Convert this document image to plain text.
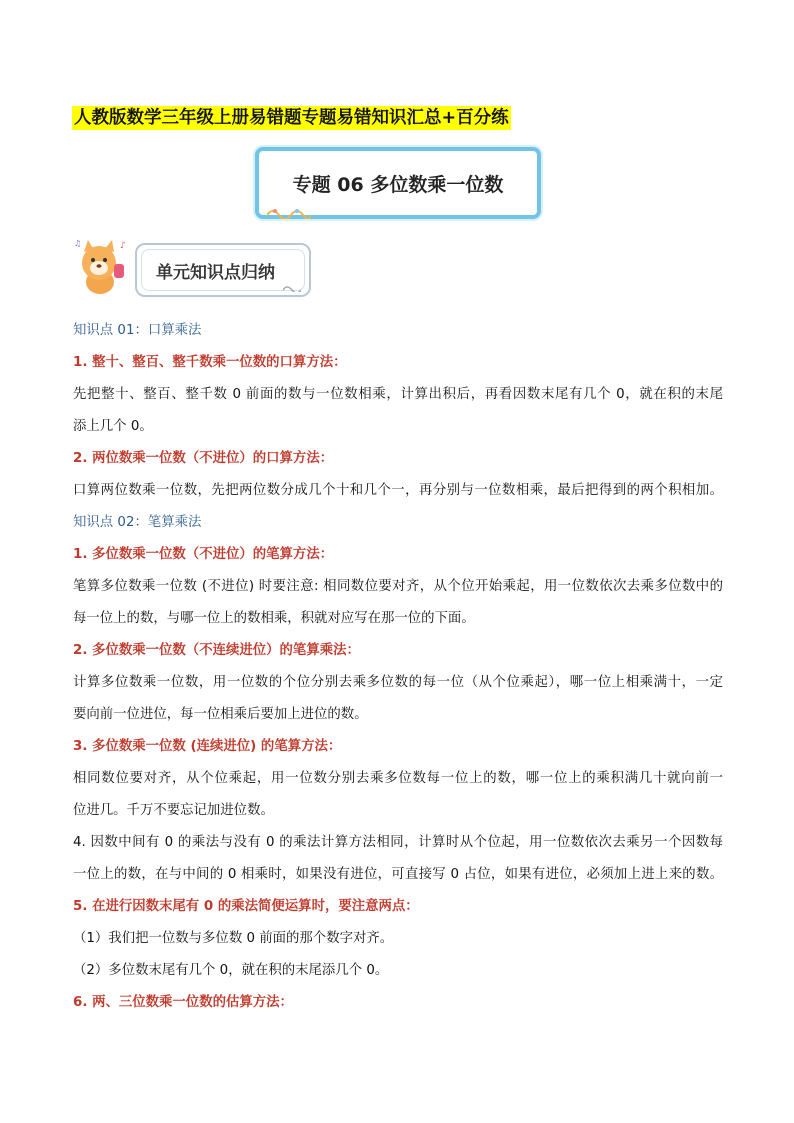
人教版数学三年级上册易错题专题易错知识汇总+百分练
专题 06 多位数乘一位数
♪
♫
单元知识点归纳
知识点 01：口算乘法
1. 整十、整百、整千数乘一位数的口算方法：
先把整十、整百、整千数 0 前面的数与一位数相乘，计算出积后，再看因数末尾有几个 0，就在积的末尾
添上几个 0。
2. 两位数乘一位数（不进位）的口算方法：
口算两位数乘一位数，先把两位数分成几个十和几个一，再分别与一位数相乘，最后把得到的两个积相加。
知识点 02：笔算乘法
1. 多位数乘一位数（不进位）的笔算方法：
笔算多位数乘一位数 (不进位) 时要注意: 相同数位要对齐，从个位开始乘起，用一位数依次去乘多位数中的
每一位上的数，与哪一位上的数相乘，积就对应写在那一位的下面。
2. 多位数乘一位数（不连续进位）的笔算乘法：
计算多位数乘一位数，用一位数的个位分别去乘多位数的每一位（从个位乘起），哪一位上相乘满十，一定
要向前一位进位，每一位相乘后要加上进位的数。
3. 多位数乘一位数 (连续进位) 的笔算方法：
相同数位要对齐，从个位乘起，用一位数分别去乘多位数每一位上的数，哪一位上的乘积满几十就向前一
位进几。千万不要忘记加进位数。
4. 因数中间有 0 的乘法与没有 0 的乘法计算方法相同，计算时从个位起，用一位数依次去乘另一个因数每
一位上的数，在与中间的 0 相乘时，如果没有进位，可直接写 0 占位，如果有进位，必须加上进上来的数。
5. 在进行因数末尾有 0 的乘法简便运算时，要注意两点：
（1）我们把一位数与多位数 0 前面的那个数字对齐。
（2）多位数末尾有几个 0，就在积的末尾添几个 0。
6. 两、三位数乘一位数的估算方法：
